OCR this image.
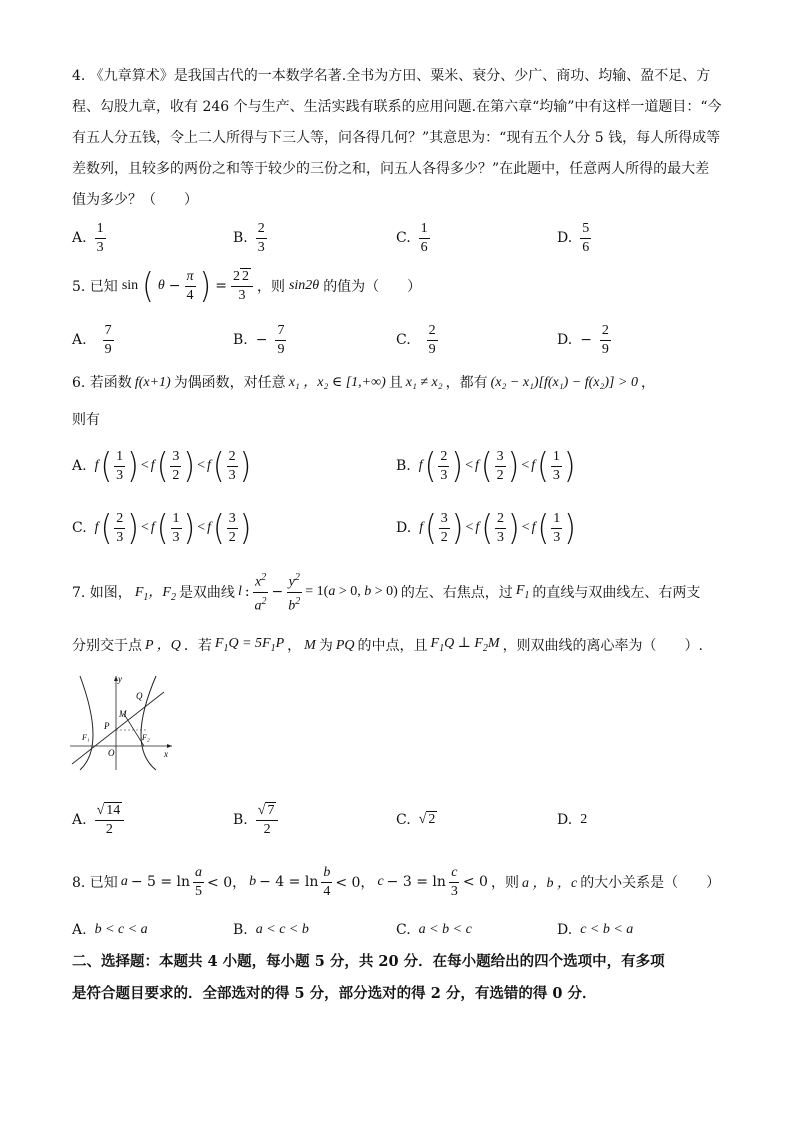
4. 《九章算术》是我国古代的一本数学名著.全书为方田、粟米、衰分、少广、商功、均输、盈不足、方
程、勾股九章，收有 246 个与生产、生活实践有联系的应用问题.在第六章“均输”中有这样一道题目：“今
有五人分五钱，令上二人所得与下三人等，问各得几何？”其意思为：“现有五个人分 5 钱，每人所得成等
差数列，且较多的两份之和等于较少的三份之和，问五人各得多少？”在此题中，任意两人所得的最大差
值为多少？（　　）
A. $\frac{1}{3}$	B. $\frac{2}{3}$	C. $\frac{1}{6}$	D. $\frac{5}{6}$
5. 已知 sin ( $\theta - \frac{\pi}{4}$ ) = $\frac{2 2}{3}$ ，则 sin2θ 的值为（　　）
A. $\frac{7}{9}$	B. − $\frac{7}{9}$	C. $\frac{2}{9}$	D. − $\frac{2}{9}$
6. 若函数 f(x+1) 为偶函数，对任意 x₁ ，x₂ ∈ [1,+∞) 且 x₁ ≠ x₂ ，都有 (x₂ − x₁)[f(x₁) − f(x₂)] > 0 ，
则有
A. f ( $\frac{1}{3}$ ) < f ( $\frac{3}{2}$ ) < f ( $\frac{2}{3}$ )	B. f ( $\frac{2}{3}$ ) < f ( $\frac{3}{2}$ ) < f ( $\frac{1}{3}$ )
C. f ( $\frac{2}{3}$ ) < f ( $\frac{1}{3}$ ) < f ( $\frac{3}{2}$ )	D. f ( $\frac{3}{2}$ ) < f ( $\frac{2}{3}$ ) < f ( $\frac{1}{3}$ )
7. 如图， $F_1$，$F_2$ 是双曲线 l : $\frac{x^2}{a^2} - \frac{y^2}{b^2} = 1(a > 0$, b > 0) 的左、右焦点，过 $F_1$ 的直线与双曲线左、右两支
分别交于点 P ，Q ．若 $F_1Q = 5F_1P$ ， M 为 PQ 的中点，且 $F_1Q$ ⊥ $F_2M$ ，则双曲线的离心率为（　　）.
y
Q
M
P
F₁
O
F₂
x
A. $\frac{√ 14}{2}$	B. $\frac{√ 7}{2}$	C. √ 2	D. 2
8. 已知 $a - 5 = \ln \frac{a}{5} < 0$， $b - 4 = \ln \frac{b}{4} < 0$， $c - 3 = \ln \frac{c}{3} < 0$ ，则 a ，b ，c 的大小关系是（　　）
A. b < c < a	B. a < c < b	C. a < b < c	D. c < b < a
二、选择题：本题共 4 小题，每小题 5 分，共 20 分．在每小题给出的四个选项中，有多项
是符合题目要求的．全部选对的得 5 分，部分选对的得 2 分，有选错的得 0 分．
